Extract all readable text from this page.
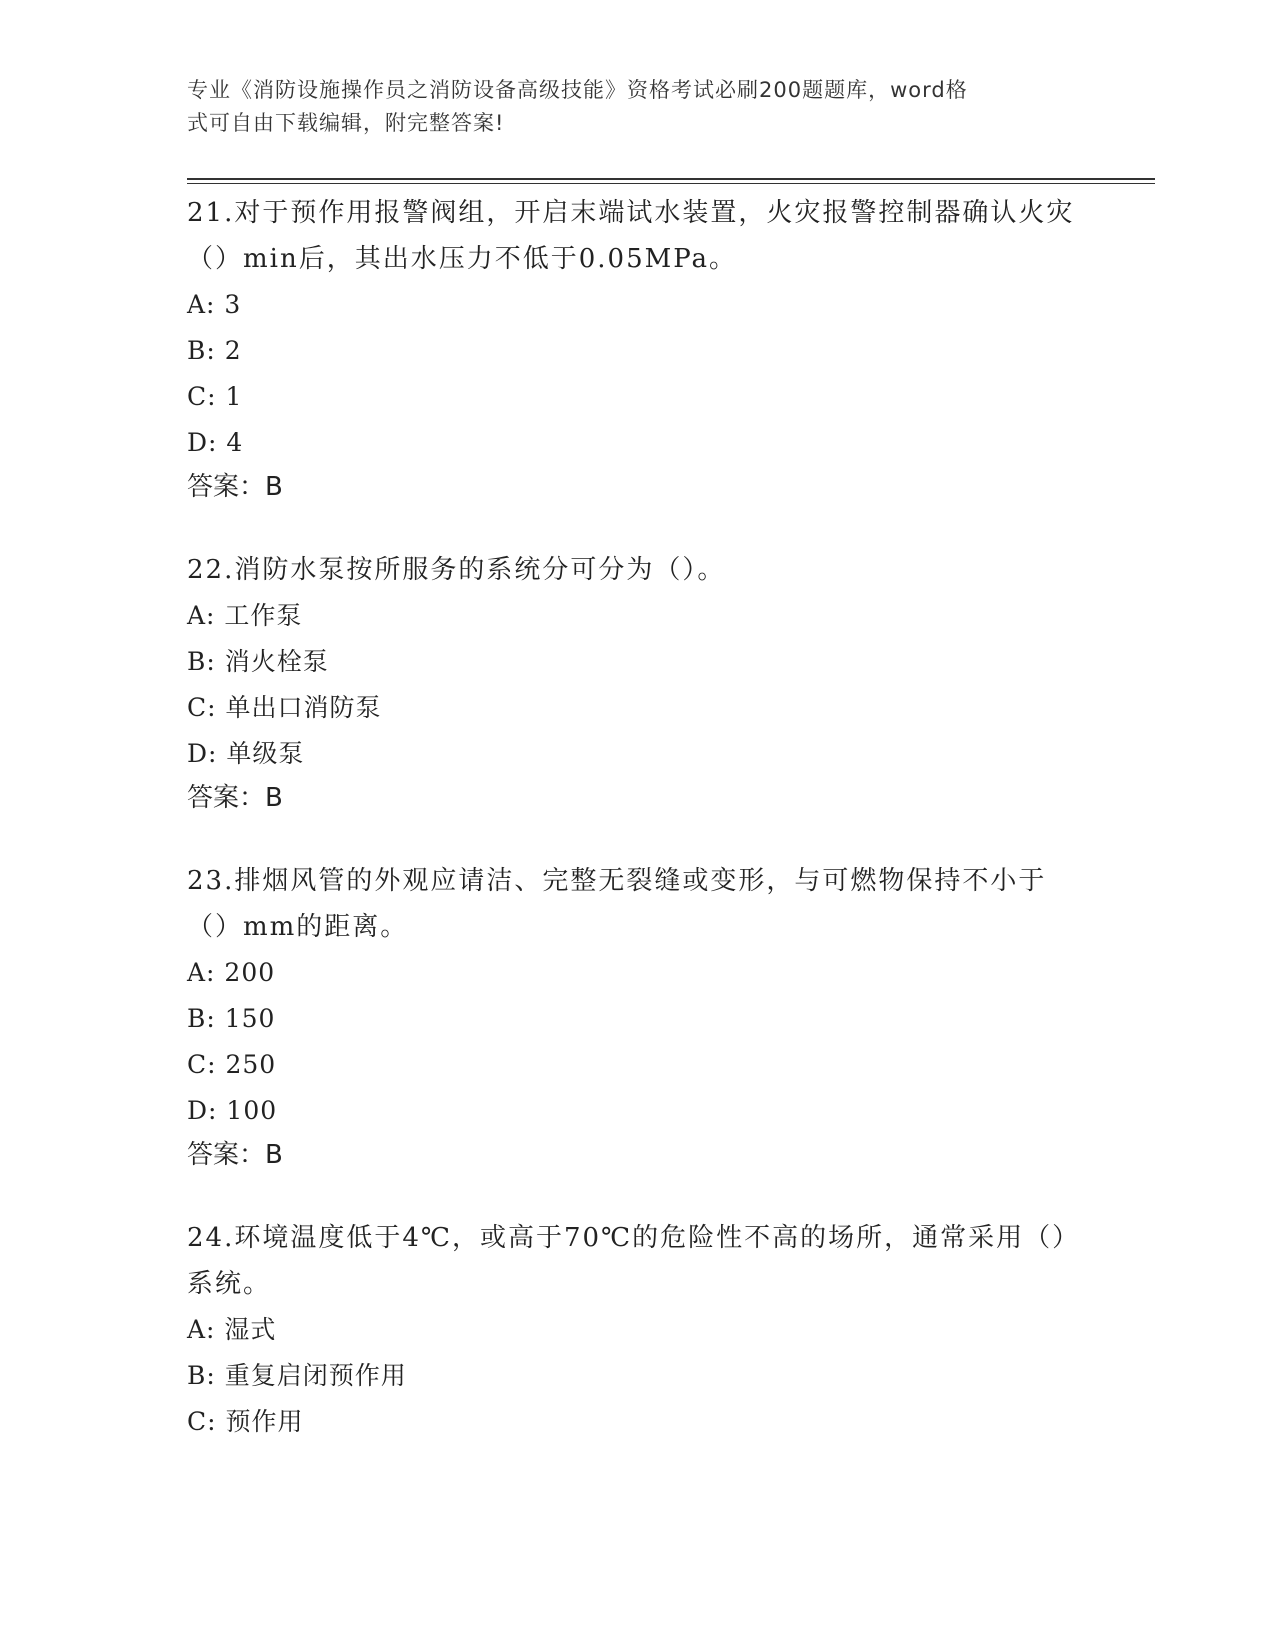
专业《消防设施操作员之消防设备高级技能》资格考试必刷200题题库，word格
式可自由下载编辑，附完整答案!

21.对于预作用报警阀组，开启末端试水装置，火灾报警控制器确认火灾（）min后，其出水压力不低于0.05MPa。

A: 3

B: 2

C: 1

D: 4

答案：B

22.消防水泵按所服务的系统分可分为（）。

A: 工作泵

B: 消火栓泵

C: 单出口消防泵

D: 单级泵

答案：B

23.排烟风管的外观应请洁、完整无裂缝或变形，与可燃物保持不小于（）mm的距离。

A: 200

B: 150

C: 250

D: 100

答案：B

24.环境温度低于4℃，或高于70℃的危险性不高的场所，通常采用（）系统。

A: 湿式

B: 重复启闭预作用

C: 预作用
